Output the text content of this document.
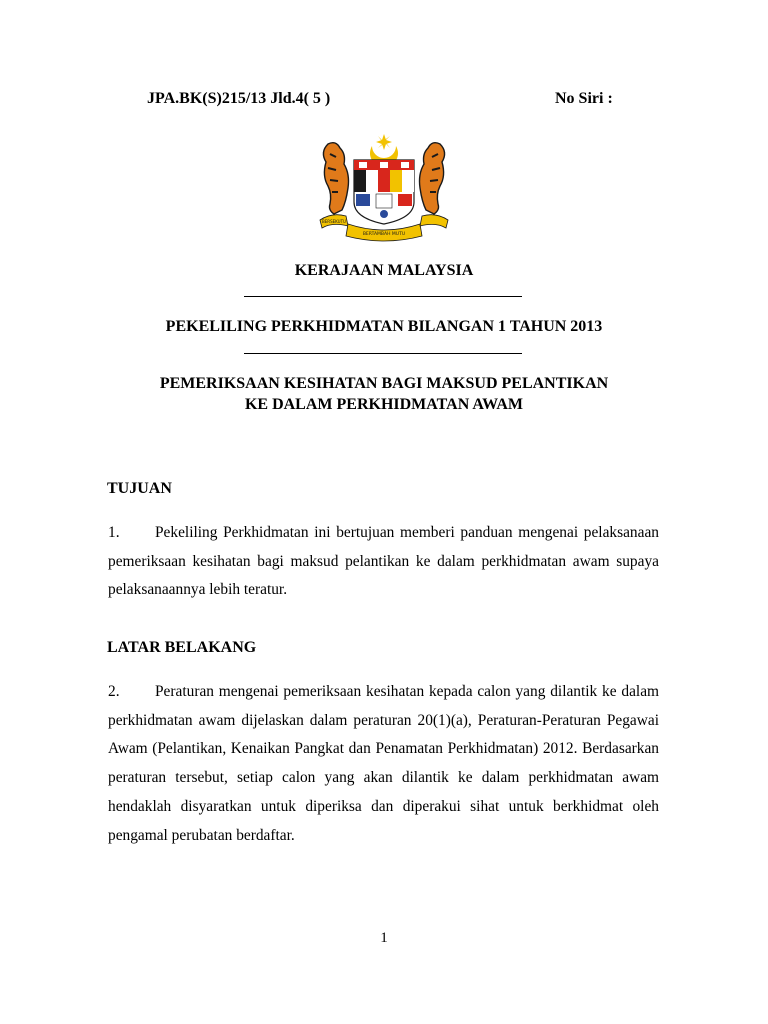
JPA.BK(S)215/13 Jld.4( 5 )	No Siri :
BERSEKUTU
BERTAMBAH MUTU
KERAJAAN MALAYSIA
PEKELILING PERKHIDMATAN BILANGAN 1 TAHUN 2013
PEMERIKSAAN KESIHATAN BAGI MAKSUD PELANTIKAN
KE DALAM PERKHIDMATAN AWAM
TUJUAN
1. Pekeliling Perkhidmatan ini bertujuan memberi panduan mengenai pelaksanaan pemeriksaan kesihatan bagi maksud pelantikan ke dalam perkhidmatan awam supaya pelaksanaannya lebih teratur.
LATAR BELAKANG
2. Peraturan mengenai pemeriksaan kesihatan kepada calon yang dilantik ke dalam perkhidmatan awam dijelaskan dalam peraturan 20(1)(a), Peraturan-Peraturan Pegawai Awam (Pelantikan, Kenaikan Pangkat dan Penamatan Perkhidmatan) 2012. Berdasarkan peraturan tersebut, setiap calon yang akan dilantik ke dalam perkhidmatan awam hendaklah disyaratkan untuk diperiksa dan diperakui sihat untuk berkhidmat oleh pengamal perubatan berdaftar.
1
